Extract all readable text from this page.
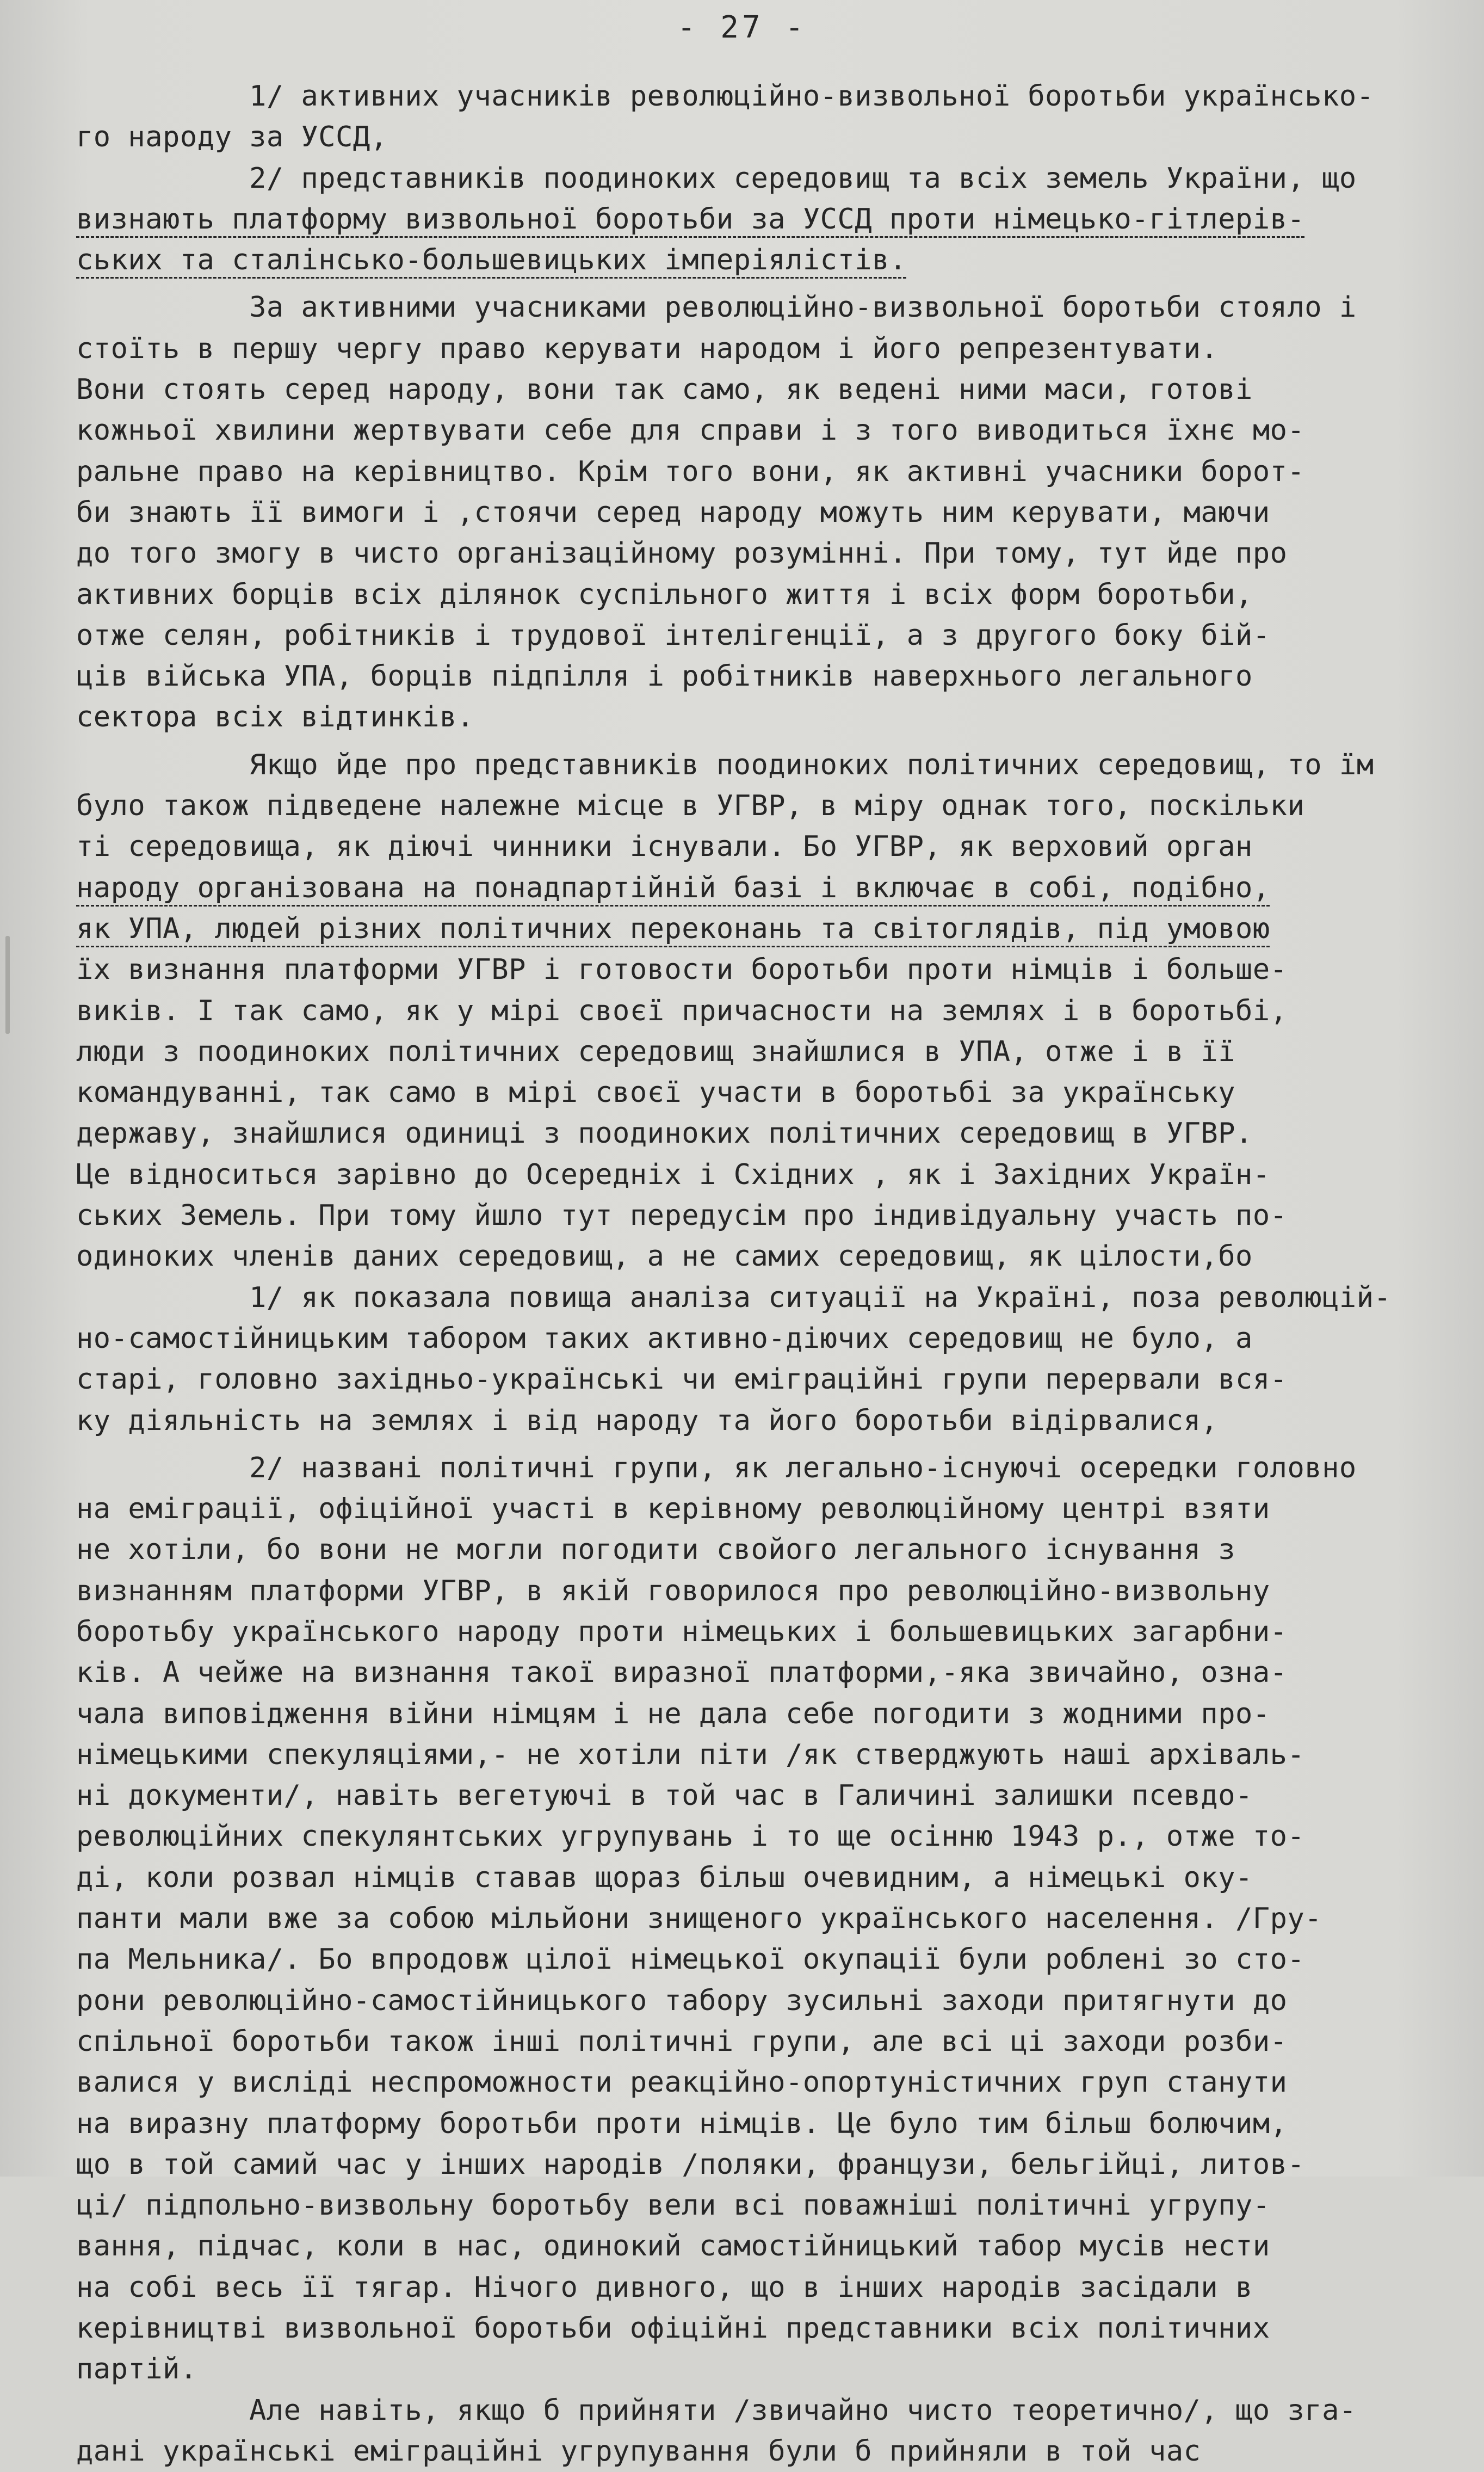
- 27 -
1/ активних учасників революційно-визвольної боротьби українсько-
го народу за УССД,
2/ представників поодиноких середовищ та всіх земель України, що
визнають платформу визвольної боротьби за УССД проти німецько-гітлерів-
ських та сталінсько-большевицьких імперіялістів.
За активними учасниками революційно-визвольної боротьби стояло і
стоїть в першу чергу право керувати народом і його репрезентувати.
Вони стоять серед народу, вони так само, як ведені ними маси, готові
кожньої хвилини жертвувати себе для справи і з того виводиться їхнє мо-
ральне право на керівництво. Крім того вони, як активні учасники борот-
би знають її вимоги і ,стоячи серед народу можуть ним керувати, маючи
до того змогу в чисто організаційному розумінні. При тому, тут йде про
активних борців всіх ділянок суспільного життя і всіх форм боротьби,
отже селян, робітників і трудової інтелігенції, а з другого боку бій-
ців війська УПА, борців підпілля і робітників наверхнього легального
сектора всіх відтинків.
Якщо йде про представників поодиноких політичних середовищ, то їм
було також підведене належне місце в УГВР, в міру однак того, поскільки
ті середовища, як діючі чинники існували. Бо УГВР, як верховий орган
народу організована на понадпартійній базі і включає в собі, подібно,
як УПА, людей різних політичних переконань та світоглядів, під умовою
їх визнання платформи УГВР і готовости боротьби проти німців і больше-
виків. І так само, як у мірі своєї причасности на землях і в боротьбі,
люди з поодиноких політичних середовищ знайшлися в УПА, отже і в її
командуванні, так само в мірі своєї участи в боротьбі за українську
державу, знайшлися одиниці з поодиноких політичних середовищ в УГВР.
Це відноситься зарівно до Осередніх і Східних , як і Західних Україн-
ських Земель. При тому йшло тут передусім про індивідуальну участь по-
одиноких членів даних середовищ, а не самих середовищ, як цілости,бо
1/ як показала повища аналіза ситуації на Україні, поза революцій-
но-самостійницьким табором таких активно-діючих середовищ не було, а
старі, головно західньо-українські чи еміграційні групи перервали вся-
ку діяльність на землях і від народу та його боротьби відірвалися,
2/ названі політичні групи, як легально-існуючі осередки головно
на еміграції, офіційної участі в керівному революційному центрі взяти
не хотіли, бо вони не могли погодити свойого легального існування з
визнанням платформи УГВР, в якій говорилося про революційно-визвольну
боротьбу українського народу проти німецьких і большевицьких загарбни-
ків. А чейже на визнання такої виразної платформи,-яка звичайно, озна-
чала виповідження війни німцям і не дала себе погодити з жодними про-
німецькими спекуляціями,- не хотіли піти /як стверджують наші архіваль-
ні документи/, навіть вегетуючі в той час в Галичині залишки псевдо-
революційних спекулянтських угрупувань і то ще осінню 1943 р., отже то-
ді, коли розвал німців ставав щораз більш очевидним, а німецькі оку-
панти мали вже за собою мільйони знищеного українського населення. /Гру-
па Мельника/. Бо впродовж цілої німецької окупації були роблені зо сто-
рони революційно-самостійницького табору зусильні заходи притягнути до
спільної боротьби також інші політичні групи, але всі ці заходи розби-
валися у висліді неспроможности реакційно-опортуністичних груп станути
на виразну платформу боротьби проти німців. Це було тим більш болючим,
що в той самий час у інших народів /поляки, французи, бельгійці, литов-
ці/ підпольно-визвольну боротьбу вели всі поважніші політичні угрупу-
вання, підчас, коли в нас, одинокий самостійницький табор мусів нести
на собі весь її тягар. Нічого дивного, що в інших народів засідали в
керівництві визвольної боротьби офіційні представники всіх політичних
партій.
Але навіть, якщо б прийняти /звичайно чисто теоретично/, що зга-
дані українські еміграційні угрупування були б прийняли в той час
